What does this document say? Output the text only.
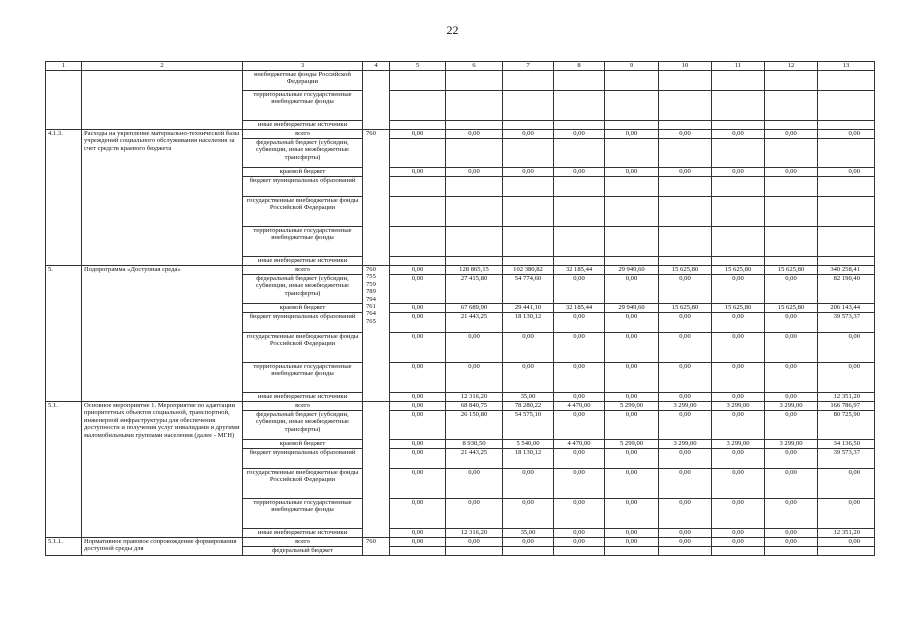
22
1	2	3	4	5	6	7	8	9	10	11	12	13
		внебюджетные фонды Российской Федерации										
		территориальные государственные внебюджетные фонды										
		иные внебюджетные источники										
4.1.3.	Расходы на укрепление материально-технической базы учреждений социального обслуживания населения за счет средств краевого бюджета	всего	760	0,00	0,00	0,00	0,00	0,00	0,00	0,00	0,00	0,00
		федеральный бюджет (субсидии, субвенции, иные межбюджетные трансферты)										
		краевой бюджет		0,00	0,00	0,00	0,00	0,00	0,00	0,00	0,00	0,00
		бюджет муниципальных образований										
		государственные внебюджетные фонды Российской Федерации										
		территориальные государственные внебюджетные фонды										
		иные внебюджетные источники										
5.	Подпрограмма «Доступная среда»	всего	760 755 759 789 794 761 764 765	0,00	128 865,15	102 380,82	32 185,44	29 949,60	15 625,80	15 625,80	15 625,80	340 258,41
		федеральный бюджет (субсидии, субвенции, иные межбюджетные трансферты)		0,00	27 415,80	54 774,60	0,00	0,00	0,00	0,00	0,00	82 190,40
		краевой бюджет		0,00	67 689,90	29 441,10	32 185,44	29 949,60	15 625,80	15 625,80	15 625,80	206 143,44
		бюджет муниципальных образований		0,00	21 443,25	18 130,12	0,00	0,00	0,00	0,00	0,00	39 573,37
		государственные внебюджетные фонды Российской Федерации		0,00	0,00	0,00	0,00	0,00	0,00	0,00	0,00	0,00
		территориальные государственные внебюджетные фонды		0,00	0,00	0,00	0,00	0,00	0,00	0,00	0,00	0,00
		иные внебюджетные источники		0,00	12 316,20	35,00	0,00	0,00	0,00	0,00	0,00	12 351,20
5.1.	Основное мероприятие 1. Мероприятие по адаптации приоритетных объектов социальной, транспортной, инженерной инфраструктуры для обеспечения доступности и получения услуг инвалидами и другими маломобильными группами населения (далее - МГН)	всего		0,00	68 840,75	78 280,22	4 470,00	5 299,00	3 299,00	3 299,00	3 299,00	166 786,97
		федеральный бюджет (субсидии, субвенции, иные межбюджетные трансферты)		0,00	26 150,80	54 575,10	0,00	0,00	0,00	0,00	0,00	80 725,90
		краевой бюджет		0,00	8 930,50	5 540,00	4 470,00	5 299,00	3 299,00	3 299,00	3 299,00	34 136,50
		бюджет муниципальных образований		0,00	21 443,25	18 130,12	0,00	0,00	0,00	0,00	0,00	39 573,37
		государственные внебюджетные фонды Российской Федерации		0,00	0,00	0,00	0,00	0,00	0,00	0,00	0,00	0,00
		территориальные государственные внебюджетные фонды		0,00	0,00	0,00	0,00	0,00	0,00	0,00	0,00	0,00
		иные внебюджетные источники		0,00	12 316,20	35,00	0,00	0,00	0,00	0,00	0,00	12 351,20
5.1.1.	Нормативное правовое сопровождение формирования доступной среды для	всего	760	0,00	0,00	0,00	0,00	0,00	0,00	0,00	0,00	0,00
		федеральный бюджет										
